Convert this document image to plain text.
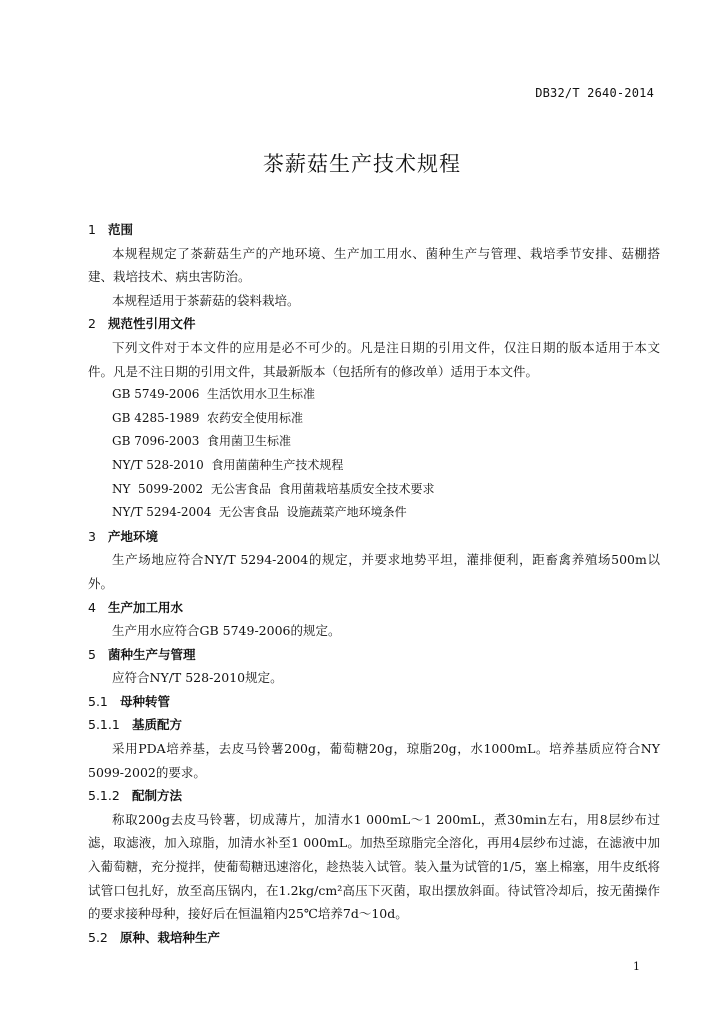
DB32/T 2640-2014
茶薪菇生产技术规程
1 范围
本规程规定了茶薪菇生产的产地环境、生产加工用水、菌种生产与管理、栽培季节安排、菇棚搭建、栽培技术、病虫害防治。
本规程适用于茶薪菇的袋料栽培。
2 规范性引用文件
下列文件对于本文件的应用是必不可少的。凡是注日期的引用文件，仅注日期的版本适用于本文件。凡是不注日期的引用文件，其最新版本（包括所有的修改单）适用于本文件。
GB 5749-2006  生活饮用水卫生标准
GB 4285-1989  农药安全使用标准
GB 7096-2003  食用菌卫生标准
NY/T 528-2010  食用菌菌种生产技术规程
NY  5099-2002  无公害食品  食用菌栽培基质安全技术要求
NY/T 5294-2004  无公害食品  设施蔬菜产地环境条件
3 产地环境
生产场地应符合NY/T 5294-2004的规定，并要求地势平坦，灌排便利，距畜禽养殖场500m以外。
4 生产加工用水
生产用水应符合GB 5749-2006的规定。
5 菌种生产与管理
应符合NY/T 528-2010规定。
5.1 母种转管
5.1.1 基质配方
采用PDA培养基，去皮马铃薯200g，葡萄糖20g，琼脂20g，水1000mL。培养基质应符合NY 5099-2002的要求。
5.1.2 配制方法
称取200g去皮马铃薯，切成薄片，加清水1 000mL～1 200mL，煮30min左右，用8层纱布过滤，取滤液，加入琼脂，加清水补至1 000mL。加热至琼脂完全溶化，再用4层纱布过滤，在滤液中加入葡萄糖，充分搅拌，使葡萄糖迅速溶化，趁热装入试管。装入量为试管的1/5，塞上棉塞，用牛皮纸将试管口包扎好，放至高压锅内，在1.2kg/cm²高压下灭菌，取出摆放斜面。待试管冷却后，按无菌操作的要求接种母种，接好后在恒温箱内25℃培养7d～10d。
5.2 原种、栽培种生产
1
